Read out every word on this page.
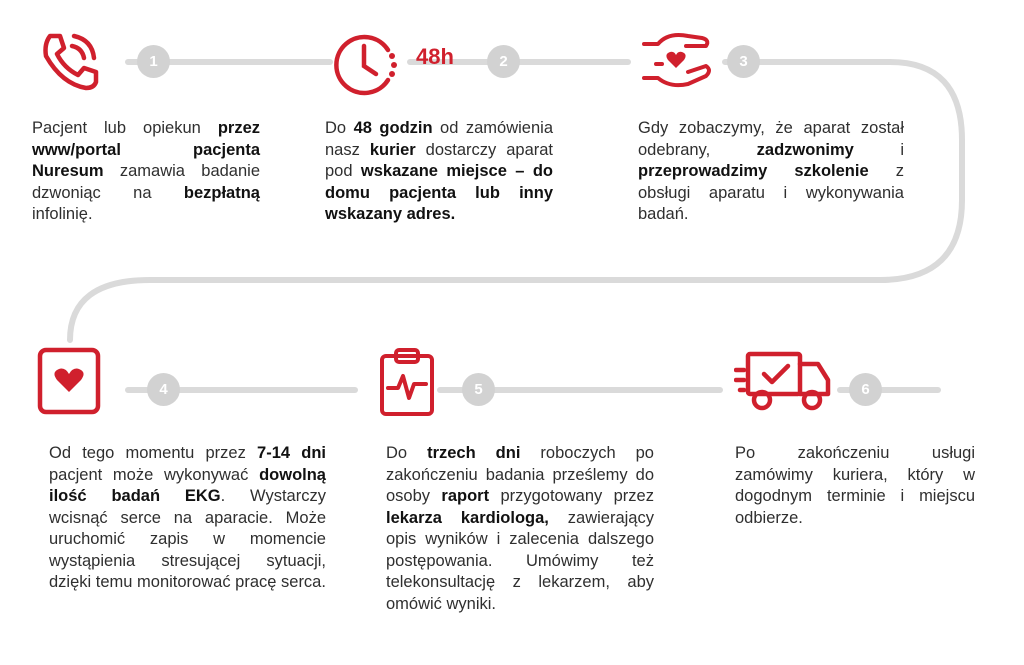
1	48h	2	3
4	5	6
Pacjent lub opiekun przez www/portal pacjenta Nuresum zamawia badanie dzwoniąc na bezpłatną infolinię.
Do 48 godzin od zamówienia nasz kurier dostarczy aparat pod wskazane miejsce – do domu pacjenta lub inny wskazany adres.
Gdy zobaczymy, że aparat został odebrany, zadzwonimy i przeprowadzimy szkolenie z obsługi aparatu i wykonywania badań.
Od tego momentu przez 7-14 dni pacjent może wykonywać dowolną ilość badań EKG. Wystarczy wcisnąć serce na aparacie. Może uruchomić zapis w momencie wystąpienia stresującej sytuacji, dzięki temu monitorować pracę serca.
Do trzech dni roboczych po zakończeniu badania prześlemy do osoby raport przygotowany przez lekarza kardiologa, zawierający opis wyników i zalecenia dalszego postępowania. Umówimy też telekonsultację z lekarzem, aby omówić wyniki.
Po zakończeniu usługi zamówimy kuriera, który w dogodnym terminie i miejscu odbierze.
